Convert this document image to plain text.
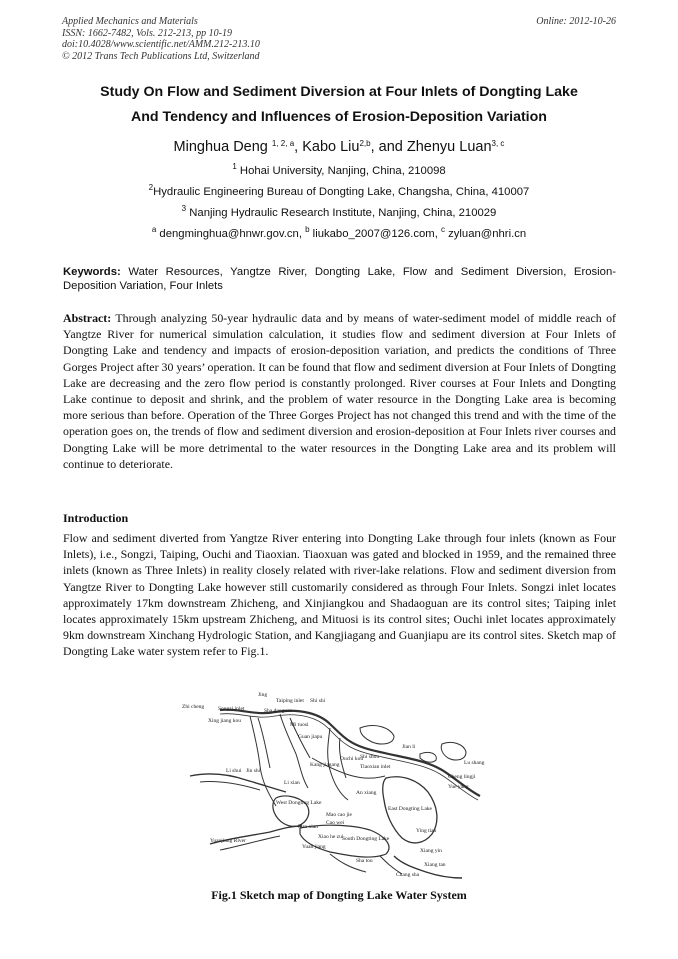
Applied Mechanics and Materials
ISSN: 1662-7482, Vols. 212-213, pp 10-19
doi:10.4028/www.scientific.net/AMM.212-213.10
© 2012 Trans Tech Publications Ltd, Switzerland
Online: 2012-10-26
Study On Flow and Sediment Diversion at Four Inlets of Dongting Lake
And Tendency and Influences of Erosion-Deposition Variation
Minghua Deng $^{1, 2, a}$, Kabo Liu$^{2,b}$, and Zhenyu Luan$^{3, c}$
$^1$ Hohai University, Nanjing, China, 210098
$^2$Hydraulic Engineering Bureau of Dongting Lake, Changsha, China, 410007
$^3$ Nanjing Hydraulic Research Institute, Nanjing, China, 210029
$^a$ dengminghua@hnwr.gov.cn, $^b$ liukabo_2007@126.com, $^c$ zyluan@nhri.cn
Keywords: Water Resources, Yangtze River, Dongting Lake, Flow and Sediment Diversion, Erosion-Deposition Variation, Four Inlets
Abstract: Through analyzing 50-year hydraulic data and by means of water-sediment model of middle reach of Yangtze River for numerical simulation calculation, it studies flow and sediment diversion at Four Inlets of Dongting Lake and tendency and impacts of erosion-deposition variation, and predicts the conditions of Three Gorges Project after 30 years’ operation. It can be found that flow and sediment diversion at Four Inlets of Dongting Lake are decreasing and the zero flow period is constantly prolonged. River courses at Four Inlets and Dongting Lake continue to deposit and shrink, and the problem of water resource in the Dongting Lake area is becoming more serious than before. Operation of the Three Gorges Project has not changed this trend and with the time of the operation goes on, the trends of flow and sediment diversion and erosion-deposition at Four Inlets river courses and Dongting Lake will be more detrimental to the water resources in the Dongting Lake area and its problem will continue to deteriorate.
Introduction
Flow and sediment diverted from Yangtze River entering into Dongting Lake through four inlets (known as Four Inlets), i.e., Songzi, Taiping, Ouchi and Tiaoxian. Tiaoxuan was gated and blocked in 1959, and the remained three inlets (known as Three Inlets) in reality closely related with river-lake relations. Flow and sediment diversion from Yangtze River to Dongting Lake however still customarily considered as through Four Inlets. Songzi inlet locates approximately 17km downstream Zhicheng, and Xinjiangkou and Shadaoguan are its control sites; Taiping inlet locates approximately 15km upstream Zhicheng, and Mituosi is its control sites; Ouchi inlet locates approximately 9km downstream Xinchang Hydrologic Station, and Kangjiagang and Guanjiapu are its control sites. Sketch map of Dongting Lake water system refer to Fig.1.
Jing
Taiping inlet Shi shi
Zhi cheng	Songzi inlet	Sha daoguan
Xing jiang kou
Mi tuosi
Guan jiapu
Ouchi kou
Jian li
Tiaoxian inlet
Kang jiagang
Li shui Jin shi
Li xian
Shi shou
Cheng lingji
Lu shang
Yue yang
East Dongting Lake
Mao cao jie
Nan xian
Cao wei
Xiao he zui
South Dongting Lake
Yuanjiang River
Yuan jiang
Ying tian
Xiang yin
Sha tou
Xiang tan
Chang sha
West Dongting Lake
An xiang
Fig.1 Sketch map of Dongting Lake Water System
